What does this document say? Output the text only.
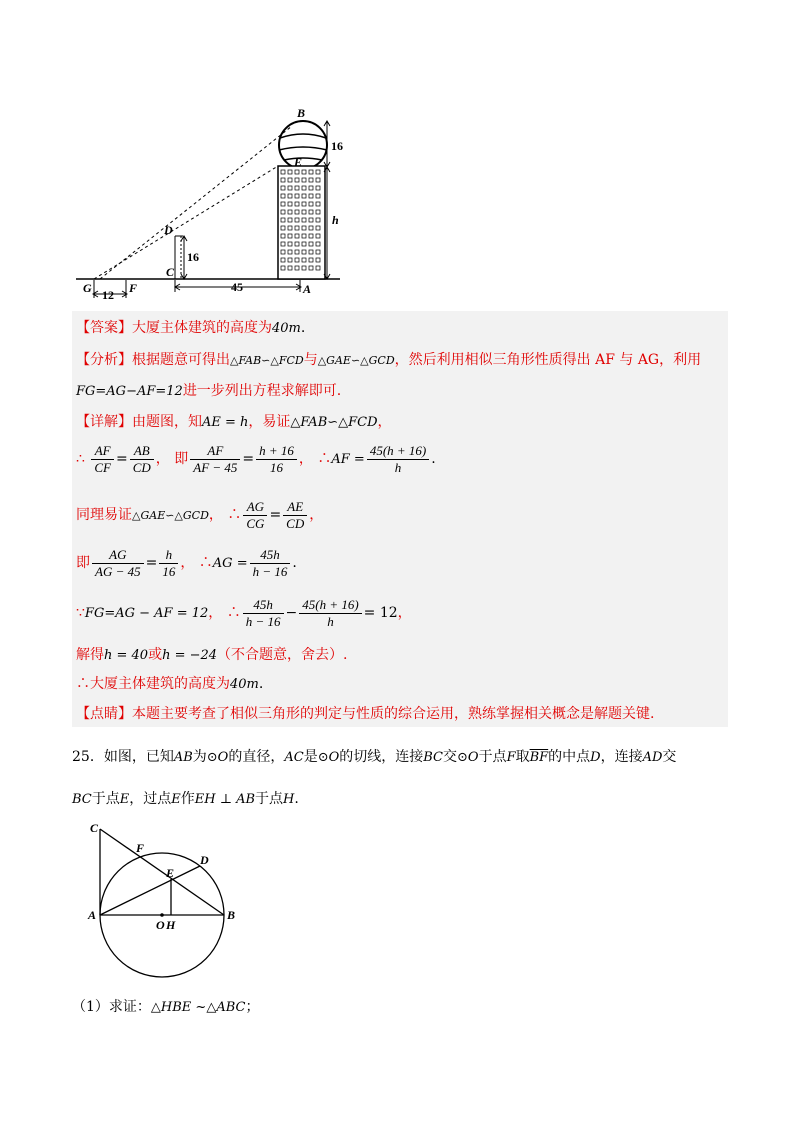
B
E
D
C
G	F	A
h
16
16
12
45
【答案】大厦主体建筑的高度为40m.
【分析】根据题意可得出△FAB∽△FCD与△GAE∽△GCD，然后利用相似三角形性质得出 AF 与 AG，利用
FG=AG−AF=12进一步列出方程求解即可.
【详解】由题图，知AE = h，易证△FAB∽△FCD，
∴ $\frac{AF}{CF} = \frac{AB}{CD}$ ， 即 $\frac{AF}{AF - 45} = \frac{h + 16}{16}$ ， ∴AF = $\frac{45(h + 16)}{h}$ .
同理易证△GAE∽△GCD， ∴ $\frac{AG}{CG} = \frac{AE}{CD}$ ，
即 $\frac{AG}{AG - 45} = \frac{h}{16}$ ， ∴AG = $\frac{45h}{h - 16}$ .
∵FG=AG − AF = 12， ∴ $\frac{45h}{h - 16} - \frac{45(h + 16)}{h} = 12$，
解得h = 40或h = −24（不合题意，舍去）.
∴大厦主体建筑的高度为40m.
【点睛】本题主要考查了相似三角形的判定与性质的综合运用，熟练掌握相关概念是解题关键.
25．如图，已知AB为⊙O的直径，AC是⊙O的切线，连接BC交⊙O于点F取$\overline{BF}$的中点D，连接AD交
BC于点E，过点E作EH ⊥ AB于点H.
C
F
D
E
A
O H
B
（1）求证：△HBE ~△ABC；
